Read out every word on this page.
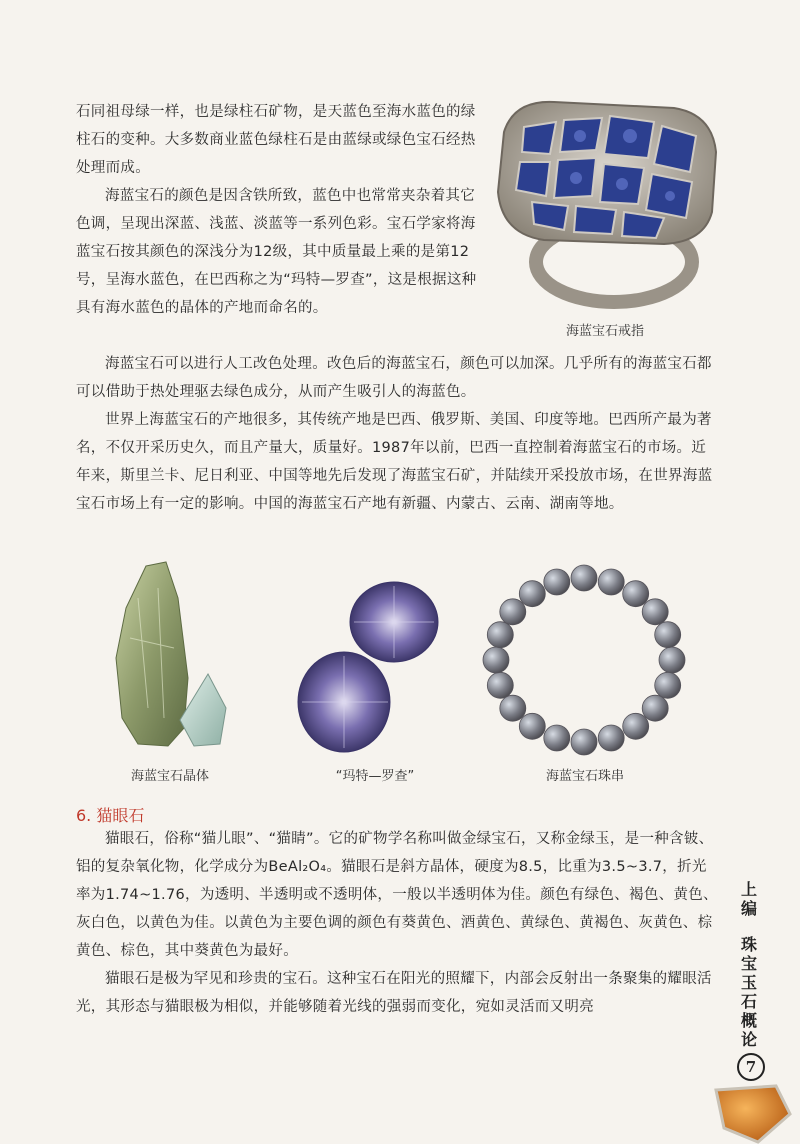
石同祖母绿一样，也是绿柱石矿物，是天蓝色至海水蓝色的绿柱石的变种。大多数商业蓝色绿柱石是由蓝绿或绿色宝石经热处理而成。

海蓝宝石的颜色是因含铁所致，蓝色中也常常夹杂着其它色调，呈现出深蓝、浅蓝、淡蓝等一系列色彩。宝石学家将海蓝宝石按其颜色的深浅分为12级，其中质量最上乘的是第12号，呈海水蓝色，在巴西称之为“玛特—罗查”，这是根据这种具有海水蓝色的晶体的产地而命名的。

海蓝宝石戒指

海蓝宝石可以进行人工改色处理。改色后的海蓝宝石，颜色可以加深。几乎所有的海蓝宝石都可以借助于热处理驱去绿色成分，从而产生吸引人的海蓝色。

世界上海蓝宝石的产地很多，其传统产地是巴西、俄罗斯、美国、印度等地。巴西所产最为著名，不仅开采历史久，而且产量大，质量好。1987年以前，巴西一直控制着海蓝宝石的市场。近年来，斯里兰卡、尼日利亚、中国等地先后发现了海蓝宝石矿，并陆续开采投放市场，在世界海蓝宝石市场上有一定的影响。中国的海蓝宝石产地有新疆、内蒙古、云南、湖南等地。

海蓝宝石晶体	“玛特—罗查”	海蓝宝石珠串
6. 猫眼石

猫眼石，俗称“猫儿眼”、“猫睛”。它的矿物学名称叫做金绿宝石，又称金绿玉，是一种含铍、铝的复杂氧化物，化学成分为BeAl₂O₄。猫眼石是斜方晶体，硬度为8.5，比重为3.5~3.7，折光率为1.74~1.76，为透明、半透明或不透明体，一般以半透明体为佳。颜色有绿色、褐色、黄色、灰白色，以黄色为佳。以黄色为主要色调的颜色有葵黄色、酒黄色、黄绿色、黄褐色、灰黄色、棕黄色、棕色，其中葵黄色为最好。

猫眼石是极为罕见和珍贵的宝石。这种宝石在阳光的照耀下，内部会反射出一条聚集的耀眼活光，其形态与猫眼极为相似，并能够随着光线的强弱而变化，宛如灵活而又明亮

上编
珠宝玉石概论
7
